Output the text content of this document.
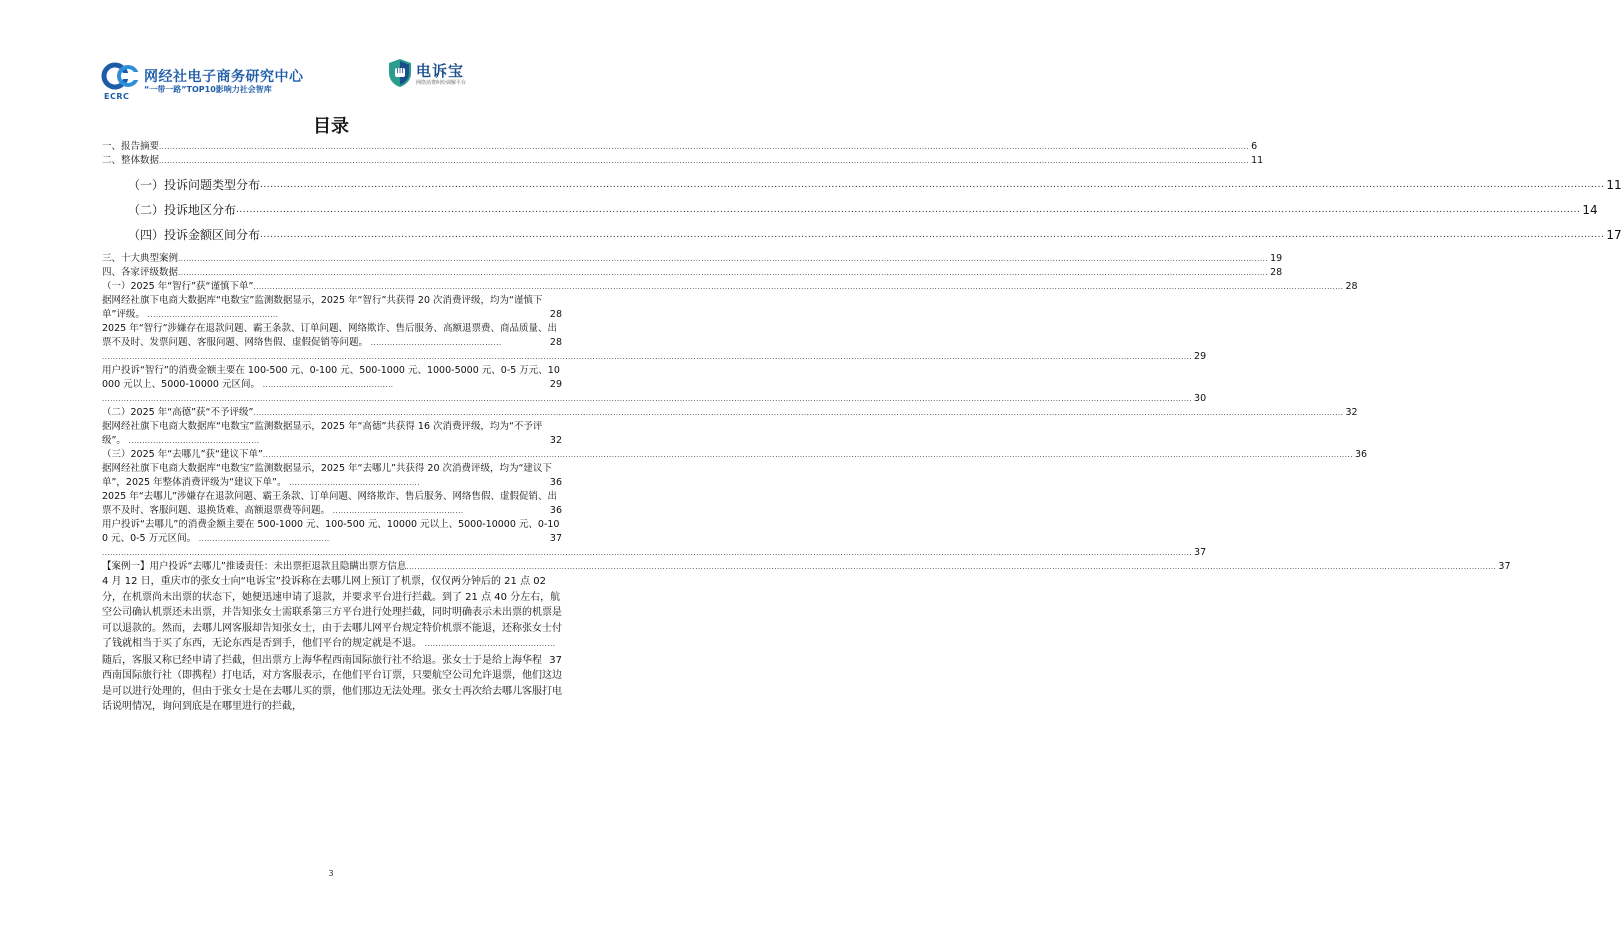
网经社电子商务研究中心
“一带一路”TOP10影响力社会智库
ECRC
电诉宝
网络消费纠纷调解平台
目录
一、报告摘要 ................................................................................................................................................................................................................................................................................................................................................................................................................ 6
二、整体数据 ................................................................................................................................................................................................................................................................................................................................................................................................................ 11
（一）投诉问题类型分布 ................................................................................................................................................................................................................................................................................................................................................................................................................ 11
（二）投诉地区分布 ................................................................................................................................................................................................................................................................................................................................................................................................................ 14
（四）投诉金额区间分布 ................................................................................................................................................................................................................................................................................................................................................................................................................ 17
三、十大典型案例 ................................................................................................................................................................................................................................................................................................................................................................................................................ 19
四、各家评级数据 ................................................................................................................................................................................................................................................................................................................................................................................................................ 28
（一）2025 年“智行”获“谨慎下单” ................................................................................................................................................................................................................................................................................................................................................................................................................ 28
据网经社旗下电商大数据库“电数宝”监测数据显示，2025 年“智行”共获得 20 次消费评级，均为“谨慎下单”评级。 ................................................	28
2025 年“智行”涉嫌存在退款问题、霸王条款、订单问题、网络欺诈、售后服务、高额退票费、商品质量、出票不及时、发票问题、客服问题、网络售假、虚假促销等问题。 ................................................	28
................................................................................................................................................................................................................................................................................................................................................................................................................ 29
用户投诉“智行”的消费金额主要在 100-500 元、0-100 元、500-1000 元、1000-5000 元、0-5 万元、10000 元以上、5000-10000 元区间。 ................................................	29
................................................................................................................................................................................................................................................................................................................................................................................................................ 30
（二）2025 年“高德”获“不予评级” ................................................................................................................................................................................................................................................................................................................................................................................................................ 32
据网经社旗下电商大数据库“电数宝”监测数据显示，2025 年“高德”共获得 16 次消费评级，均为“不予评级”。 ................................................	32
（三）2025 年“去哪儿”获“建议下单” ................................................................................................................................................................................................................................................................................................................................................................................................................ 36
据网经社旗下电商大数据库“电数宝”监测数据显示，2025 年“去哪儿”共获得 20 次消费评级，均为“建议下单”，2025 年整体消费评级为“建议下单”。 ................................................	36
2025 年“去哪儿”涉嫌存在退款问题、霸王条款、订单问题、网络欺诈、售后服务、网络售假、虚假促销、出票不及时、客服问题、退换货难、高额退票费等问题。 ................................................	36
用户投诉“去哪儿”的消费金额主要在 500-1000 元、100-500 元、10000 元以上、5000-10000 元、0-100 元、0-5 万元区间。 ................................................	37
................................................................................................................................................................................................................................................................................................................................................................................................................ 37
【案例一】用户投诉“去哪儿”推诿责任：未出票拒退款且隐瞒出票方信息 ................................................................................................................................................................................................................................................................................................................................................................................................................ 37
4 月 12 日，重庆市的张女士向“电诉宝”投诉称在去哪儿网上预订了机票，仅仅两分钟后的 21 点 02 分，在机票尚未出票的状态下，她便迅速申请了退款，并要求平台进行拦截。到了 21 点 40 分左右，航空公司确认机票还未出票，并告知张女士需联系第三方平台进行处理拦截，同时明确表示未出票的机票是可以退款的。然而，去哪儿网客服却告知张女士，由于去哪儿网平台规定特价机票不能退，还称张女士付了钱就相当于买了东西，无论东西是否到手，他们平台的规定就是不退。 ................................................
37
随后，客服又称已经申请了拦截，但出票方上海华程西南国际旅行社不给退。张女士于是给上海华程西南国际旅行社（即携程）打电话，对方客服表示，在他们平台订票，只要航空公司允许退票，他们这边是可以进行处理的，但由于张女士是在去哪儿买的票，他们那边无法处理。张女士再次给去哪儿客服打电话说明情况，询问到底是在哪里进行的拦截，
3
